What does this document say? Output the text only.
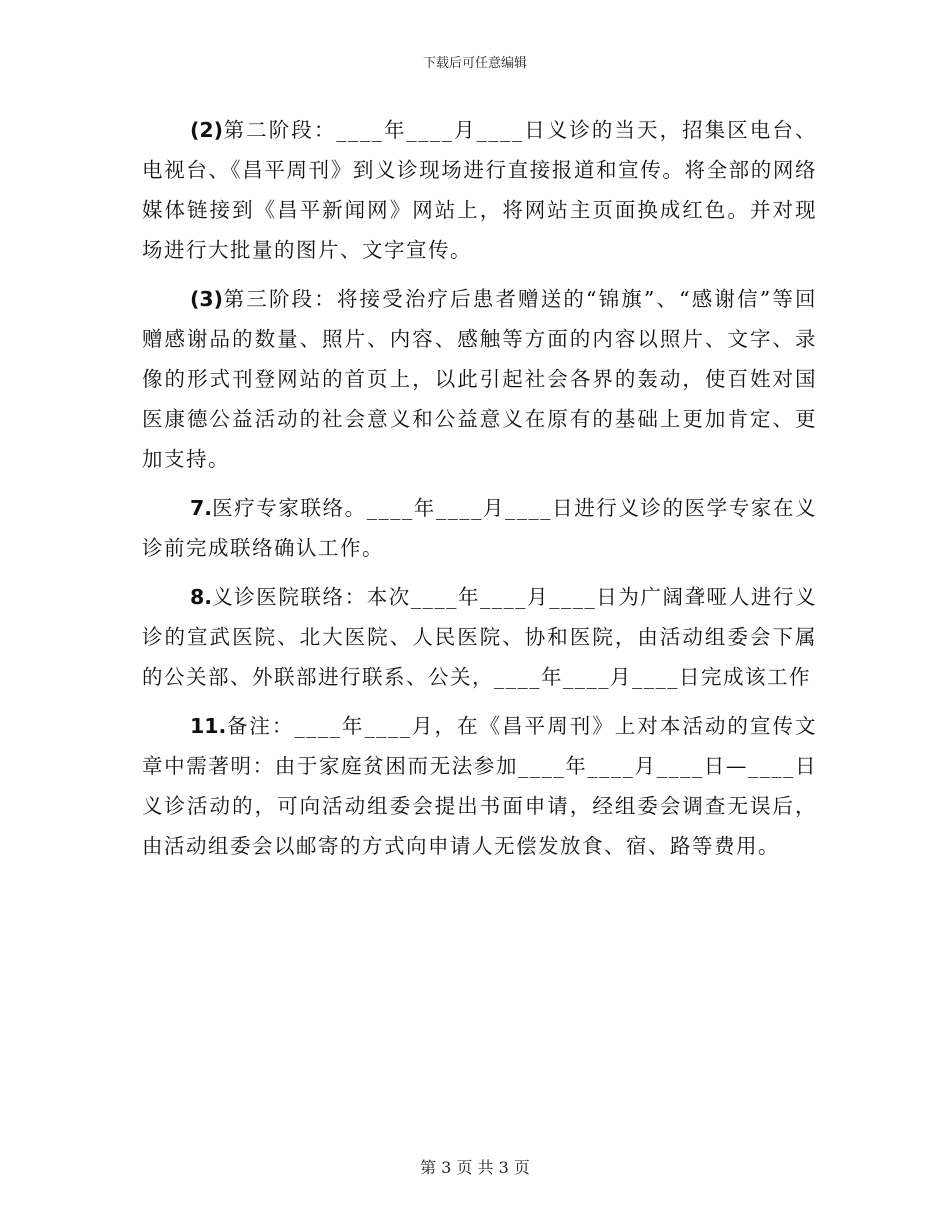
下载后可任意编辑

(2)第二阶段：____年____月____日义诊的当天，招集区电台、电视台、《昌平周刊》到义诊现场进行直接报道和宣传。将全部的网络媒体链接到《昌平新闻网》网站上，将网站主页面换成红色。并对现场进行大批量的图片、文字宣传。

(3)第三阶段：将接受治疗后患者赠送的“锦旗”、“感谢信”等回赠感谢品的数量、照片、内容、感触等方面的内容以照片、文字、录像的形式刊登网站的首页上，以此引起社会各界的轰动，使百姓对国医康德公益活动的社会意义和公益意义在原有的基础上更加肯定、更加支持。

7.医疗专家联络。____年____月____日进行义诊的医学专家在义诊前完成联络确认工作。

8.义诊医院联络：本次____年____月____日为广阔聋哑人进行义诊的宣武医院、北大医院、人民医院、协和医院，由活动组委会下属的公关部、外联部进行联系、公关，____年____月____日完成该工作

11.备注：____年____月，在《昌平周刊》上对本活动的宣传文章中需著明：由于家庭贫困而无法参加____年____月____日—____日义诊活动的，可向活动组委会提出书面申请，经组委会调查无误后，由活动组委会以邮寄的方式向申请人无偿发放食、宿、路等费用。

第 3 页 共 3 页
